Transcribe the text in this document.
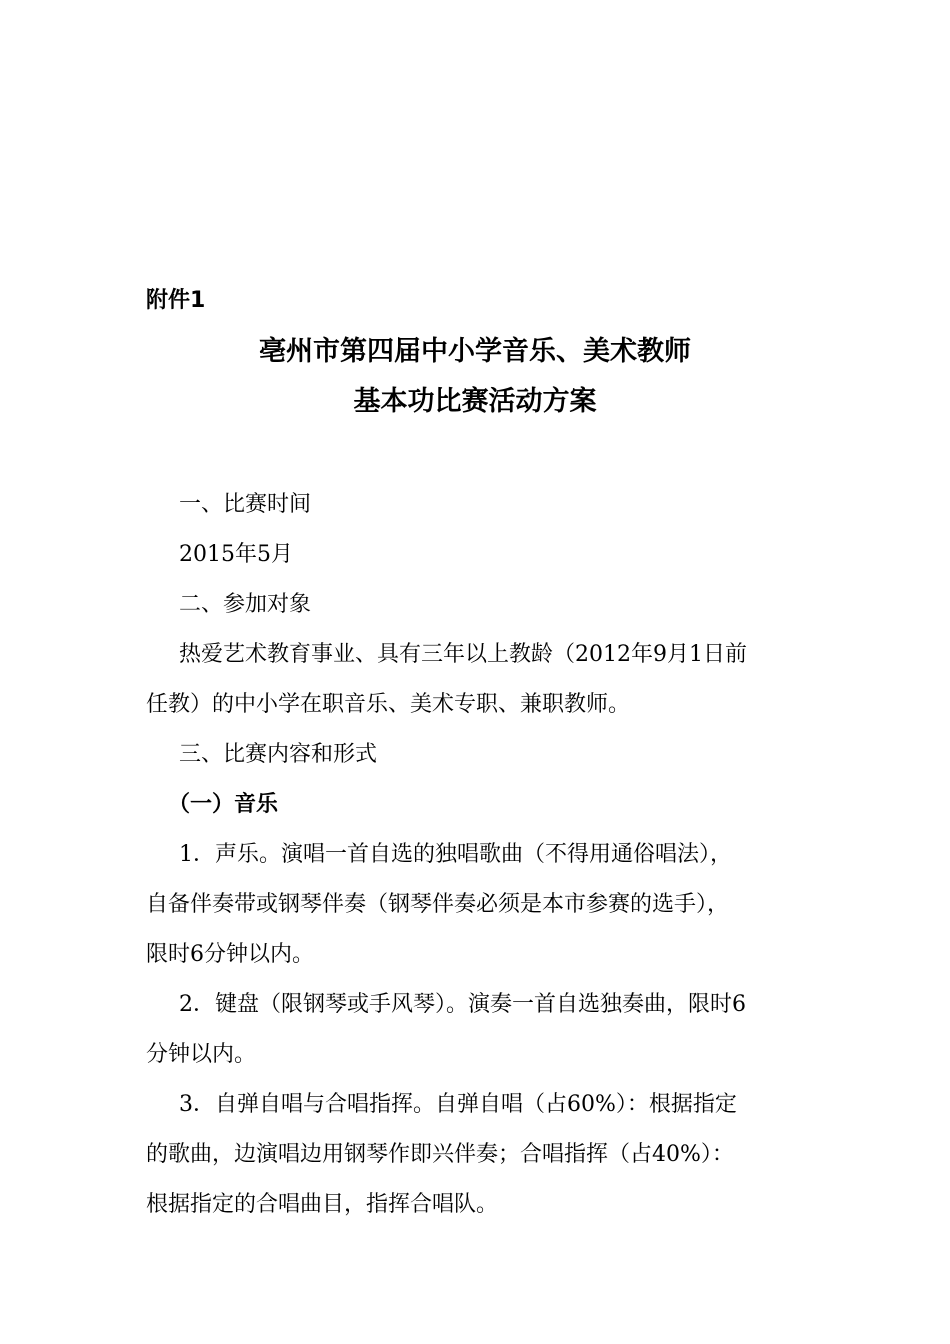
附件1
亳州市第四届中小学音乐、美术教师
基本功比赛活动方案

一、比赛时间

2015年5月

二、参加对象

热爱艺术教育事业、具有三年以上教龄（2012年9月1日前

任教）的中小学在职音乐、美术专职、兼职教师。

三、比赛内容和形式

（一）音乐

1．声乐。演唱一首自选的独唱歌曲（不得用通俗唱法），

自备伴奏带或钢琴伴奏（钢琴伴奏必须是本市参赛的选手），

限时6分钟以内。

2．键盘（限钢琴或手风琴）。演奏一首自选独奏曲，限时6

分钟以内。

3．自弹自唱与合唱指挥。自弹自唱（占60%）：根据指定

的歌曲，边演唱边用钢琴作即兴伴奏；合唱指挥（占40%）：

根据指定的合唱曲目，指挥合唱队。
